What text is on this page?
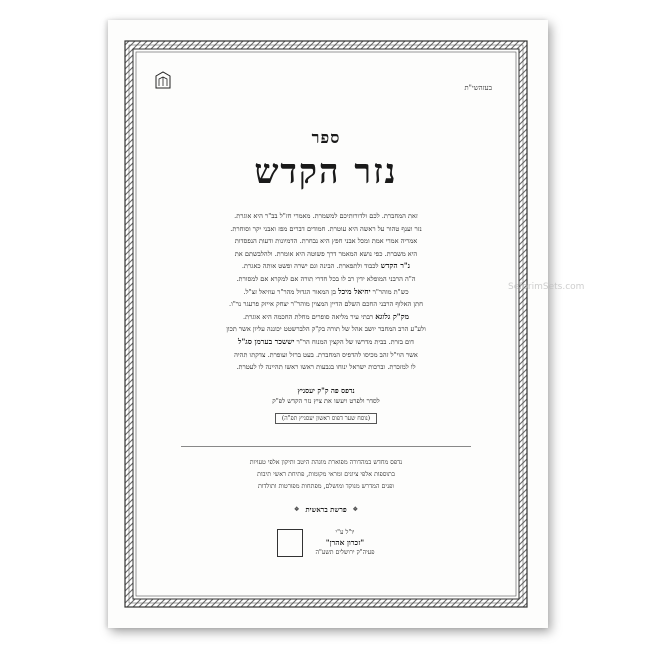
בעזהשי"ת
ספר
נזר הקדש
זאת המחברת. לכם ולדורותיכם למשמרת. מאמרי חז"ל בב"ר היא אוגרת.
נזר וענף טהור על ראשה היא עוטרת. חמודים דברים מפז ואבני יקר וסוחרת.
אמריה אמרי אמת ומכל אבני חפץ היא נבחרת. הדמיונות ודעות הנפסדות
היא משברת. כפי נושא המאמר דרך פשוטה היא אומרת. ולהלבשתם את
נ"ר הקדש לכבוד ולתפארת. הבינה וגם ישרה ופשט אותה כאגרת.
ה"ה הרבני המופלא ידין רב לו בכל חדרי תורה אם למקרא אם למסורת.
כש"ת מוהר"ר יחיאל מיכל בן המאור הגדול מהר"ר עוזיאל זצ"ל.
חתן האלוף הרבני החכם השלם הדיין המצוין מוהר"ר יצחק אייזק פרעגר נר"ו.
מק"ק גלוגא רבתי עיר מליאה סופרים מחלת החכמה היא אוגרת.
ולע"ע הרב המחבר יושב אהל של תורה בק"ק הלברשטט יכוננה עליון אשר תכון
דום בזרת. בבית מדרשו של הקצין המנוח הר"ר יששכר בערמן סג"ל
אשר הוי"ל זהב מכיסו להדפיס המחברת. בעט ברזל ועופרת. צדקתו תהיה
לו למזכרת. וברכות ישראל ינוחו בגבעות ראשו ראשו תהיינה לו לעטרת.
נדפס פה ק"ק יעסניץ
לסדר ולפרט ויעשו את ציץ נזר הקדש לפ"ק
(נוסח שער דפוס ראשון יעסניץ תפ"ה)
נדפס מחדש במהדורה מפוארת מוגהת היטב ותיקון אלפי טעויות
בתוספות אלפי ציונים ומראי מקומות, פתיחת ראשי תיבות
ופנים המדרש מנוקד ומושלם, מפתחות מפורטות ותולדות
❖
פרשת בראשית
❖
יו"ל ע"י
"זכרון אהרן"
פעיה"ק ירושלים תשע"ה
SeforimSets.com
